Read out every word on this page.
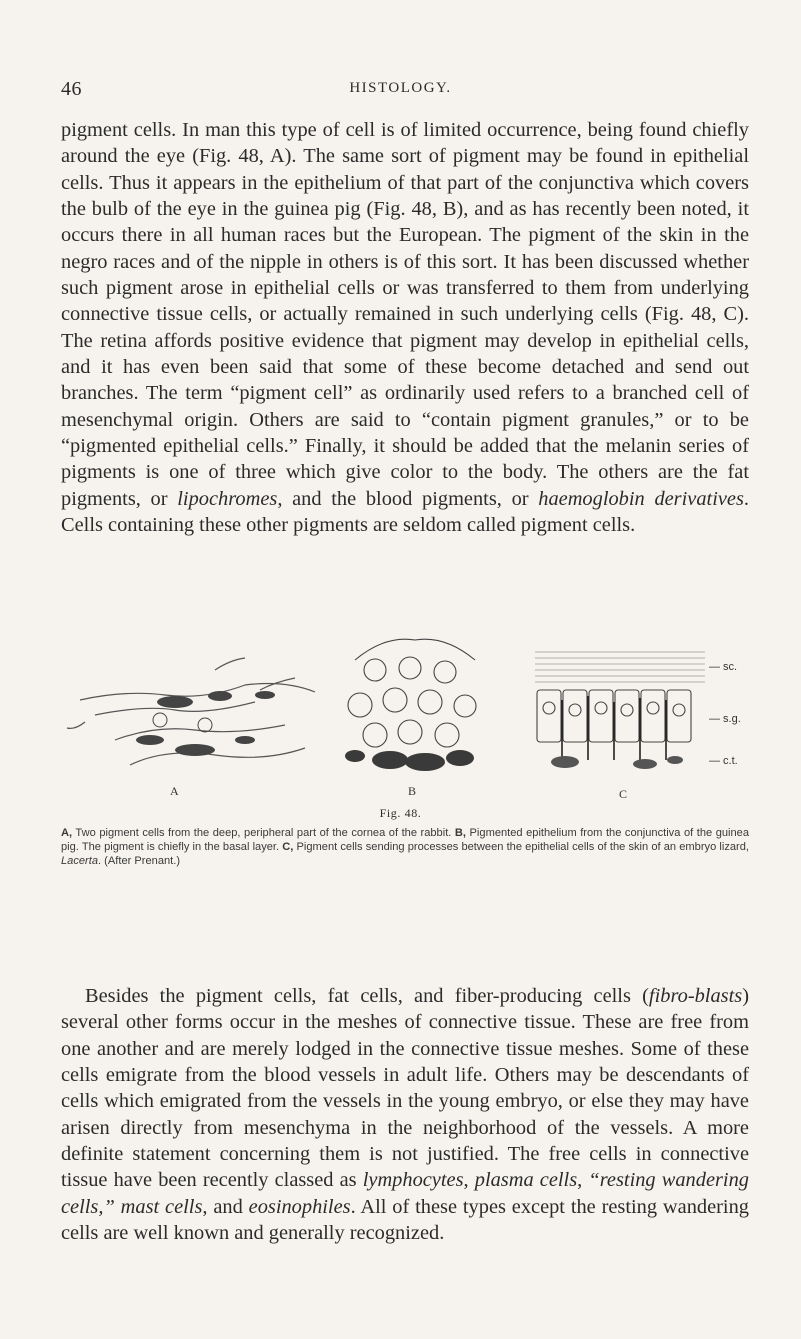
46	HISTOLOGY.

pigment cells. In man this type of cell is of limited occurrence, being found chiefly around the eye (Fig. 48, A). The same sort of pigment may be found in epithelial cells. Thus it appears in the epithelium of that part of the conjunctiva which covers the bulb of the eye in the guinea pig (Fig. 48, B), and as has recently been noted, it occurs there in all human races but the European. The pigment of the skin in the negro races and of the nipple in others is of this sort. It has been discussed whether such pigment arose in epithelial cells or was transferred to them from underlying connective tissue cells, or actually remained in such underlying cells (Fig. 48, C). The retina affords positive evidence that pigment may develop in epithelial cells, and it has even been said that some of these become detached and send out branches. The term “pigment cell” as ordinarily used refers to a branched cell of mesenchymal origin. Others are said to “contain pigment granules,” or to be “pigmented epithelial cells.” Finally, it should be added that the melanin series of pigments is one of three which give color to the body. The others are the fat pigments, or lipochromes, and the blood pigments, or haemoglobin derivatives. Cells containing these other pigments are seldom called pigment cells.

A	B	C
— sc.
— s.g.
— c.t.
Fig. 48.

A, Two pigment cells from the deep, peripheral part of the cornea of the rabbit. B, Pigmented epithelium from the conjunctiva of the guinea pig. The pigment is chiefly in the basal layer. C, Pigment cells sending processes between the epithelial cells of the skin of an embryo lizard, Lacerta. (After Prenant.)

Besides the pigment cells, fat cells, and fiber-producing cells (fibro-blasts) several other forms occur in the meshes of connective tissue. These are free from one another and are merely lodged in the connective tissue meshes. Some of these cells emigrate from the blood vessels in adult life. Others may be descendants of cells which emigrated from the vessels in the young embryo, or else they may have arisen directly from mesenchyma in the neighborhood of the vessels. A more definite statement concerning them is not justified. The free cells in connective tissue have been recently classed as lymphocytes, plasma cells, “resting wandering cells,” mast cells, and eosinophiles. All of these types except the resting wandering cells are well known and generally recognized.
